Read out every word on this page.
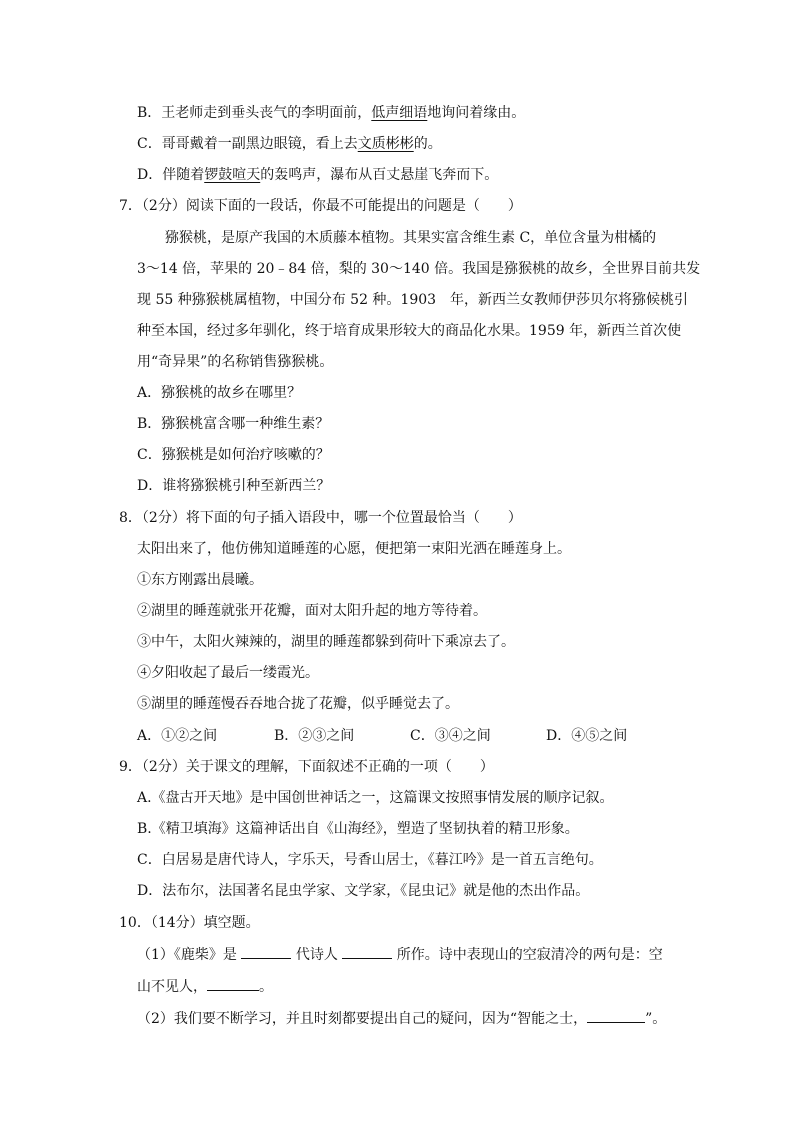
B．王老师走到垂头丧气的李明面前，低声细语地询问着缘由。
C．哥哥戴着一副黑边眼镜，看上去文质彬彬的。
D．伴随着锣鼓喧天的轰鸣声，瀑布从百丈悬崖飞奔而下。
7．（2分）阅读下面的一段话，你最不可能提出的问题是（　　）
猕猴桃，是原产我国的木质藤本植物。其果实富含维生素 C，单位含量为柑橘的
3～14 倍，苹果的 20﹣84 倍，梨的 30～140 倍。我国是猕猴桃的故乡，全世界目前共发
现 55 种猕猴桃属植物，中国分布 52 种。1903　年，新西兰女教师伊莎贝尔将猕候桃引
种至本国，经过多年驯化，终于培育成果形较大的商品化水果。1959 年，新西兰首次使
用“奇异果”的名称销售猕猴桃。
A．猕猴桃的故乡在哪里？
B．猕猴桃富含哪一种维生素？
C．猕猴桃是如何治疗咳嗽的？
D．谁将猕猴桃引种至新西兰？
8．（2分）将下面的句子插入语段中，哪一个位置最恰当（　　）
太阳出来了，他仿佛知道睡莲的心愿，便把第一束阳光洒在睡莲身上。
①东方刚露出晨曦。
②湖里的睡莲就张开花瓣，面对太阳升起的地方等待着。
③中午，太阳火辣辣的，湖里的睡莲都躲到荷叶下乘凉去了。
④夕阳收起了最后一缕霞光。
⑤湖里的睡莲慢吞吞地合拢了花瓣，似乎睡觉去了。
A．①②之间	B．②③之间	C．③④之间	D．④⑤之间
9．（2分）关于课文的理解，下面叙述不正确的一项（　　）
A.《盘古开天地》是中国创世神话之一，这篇课文按照事情发展的顺序记叙。
B.《精卫填海》这篇神话出自《山海经》，塑造了坚韧执着的精卫形象。
C．白居易是唐代诗人，字乐天，号香山居士，《暮江吟》是一首五言绝句。
D．法布尔，法国著名昆虫学家、文学家，《昆虫记》就是他的杰出作品。
10．（14分）填空题。
（1）《鹿柴》是	代诗人	所作。诗中表现山的空寂清冷的两句是：空
山不见人，	。
（2）我们要不断学习，并且时刻都要提出自己的疑问，因为“智能之士，	”。
